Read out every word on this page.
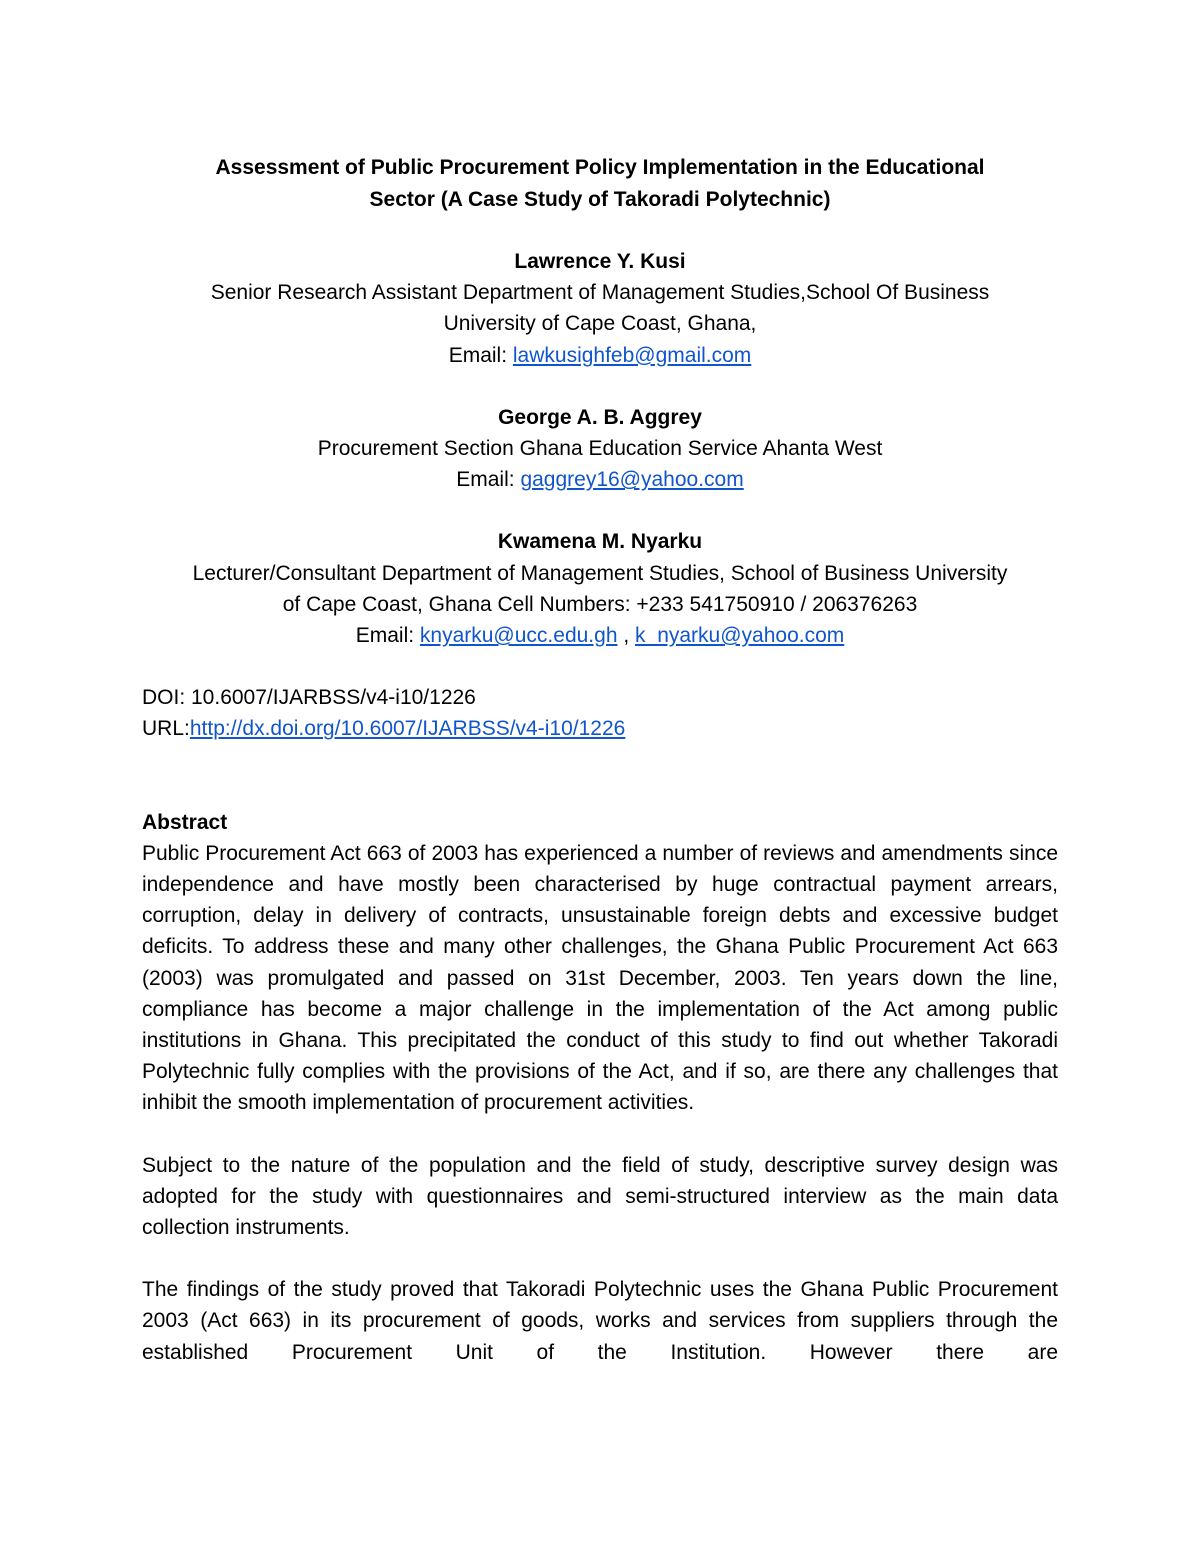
Assessment of Public Procurement Policy Implementation in the Educational
Sector (A Case Study of Takoradi Polytechnic)
Lawrence Y. Kusi
Senior Research Assistant Department of Management Studies,School Of Business
University of Cape Coast, Ghana,
Email: lawkusighfeb@gmail.com
George A. B. Aggrey
Procurement Section Ghana Education Service Ahanta West
Email: gaggrey16@yahoo.com
Kwamena M. Nyarku
Lecturer/Consultant Department of Management Studies, School of Business University
of Cape Coast, Ghana Cell Numbers: +233 541750910 / 206376263
Email: knyarku@ucc.edu.gh , k_nyarku@yahoo.com
DOI: 10.6007/IJARBSS/v4-i10/1226
URL:http://dx.doi.org/10.6007/IJARBSS/v4-i10/1226
Abstract
Public Procurement Act 663 of 2003 has experienced a number of reviews and amendments since independence and have mostly been characterised by huge contractual payment arrears, corruption, delay in delivery of contracts, unsustainable foreign debts and excessive budget deficits. To address these and many other challenges, the Ghana Public Procurement Act 663 (2003) was promulgated and passed on 31st December, 2003. Ten years down the line, compliance has become a major challenge in the implementation of the Act among public institutions in Ghana. This precipitated the conduct of this study to find out whether Takoradi Polytechnic fully complies with the provisions of the Act, and if so, are there any challenges that inhibit the smooth implementation of procurement activities.
Subject to the nature of the population and the field of study, descriptive survey design was adopted for the study with questionnaires and semi-structured interview as the main data collection instruments.
The findings of the study proved that Takoradi Polytechnic uses the Ghana Public Procurement 2003 (Act 663) in its procurement of goods, works and services from suppliers through the established Procurement Unit of the Institution. However there are
